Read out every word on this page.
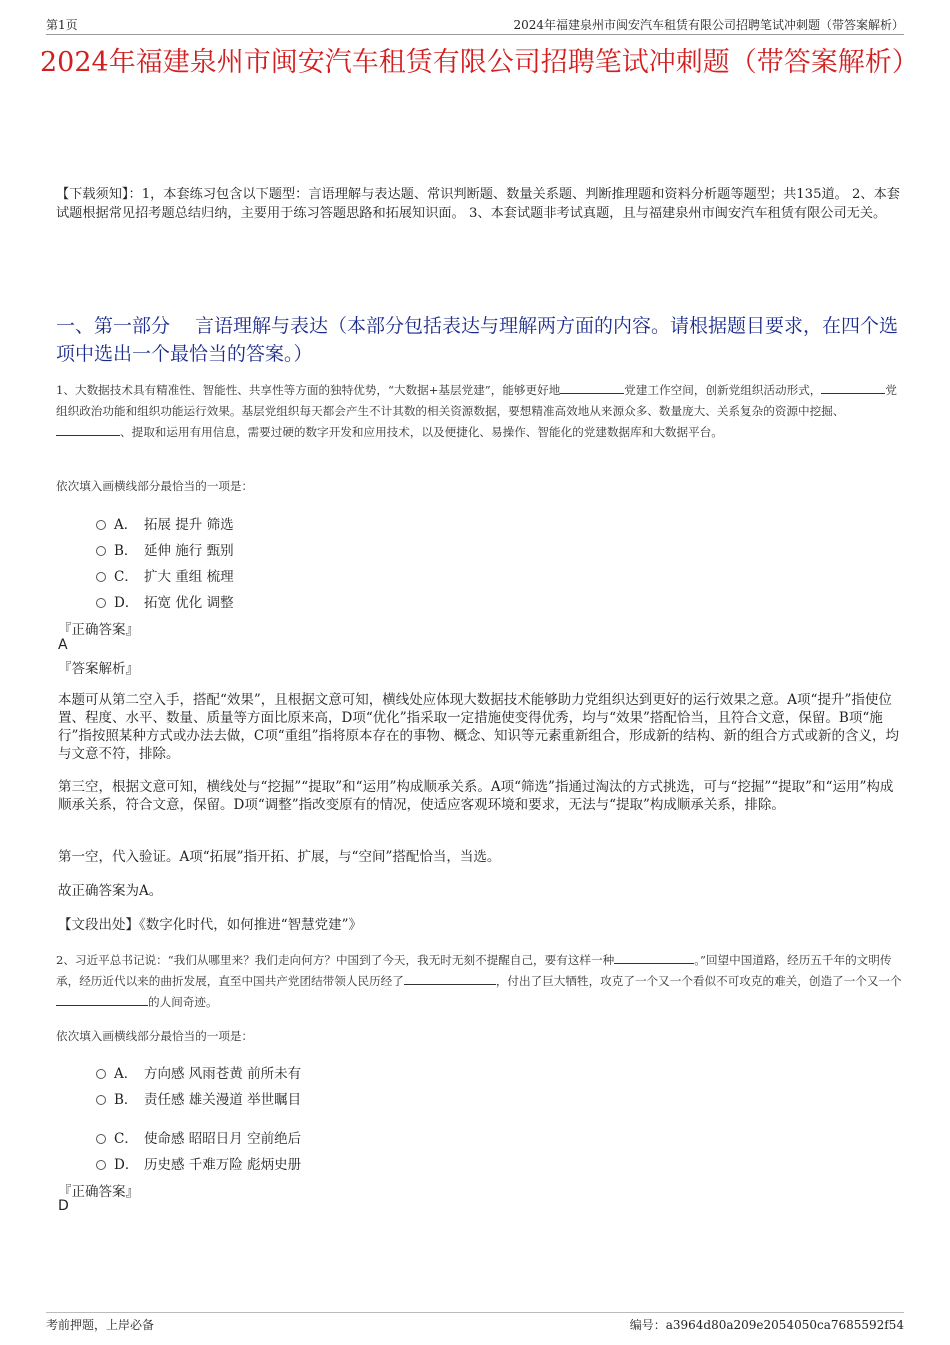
第1页	2024年福建泉州市闽安汽车租赁有限公司招聘笔试冲刺题（带答案解析）
2024年福建泉州市闽安汽车租赁有限公司招聘笔试冲刺题（带答案解析）
【下载须知】：1，本套练习包含以下题型：言语理解与表达题、常识判断题、数量关系题、判断推理题和资料分析题等题型；共135道。 2、本套试题根据常见招考题总结归纳，主要用于练习答题思路和拓展知识面。 3、本套试题非考试真题，且与福建泉州市闽安汽车租赁有限公司无关。
一、第一部分　 言语理解与表达（本部分包括表达与理解两方面的内容。请根据题目要求，在四个选项中选出一个最恰当的答案。）
1、大数据技术具有精准性、智能性、共享性等方面的独特优势，“大数据+基层党建”，能够更好地	党建工作空间，创新党组织活动形式，	党组织政治功能和组织功能运行效果。基层党组织每天都会产生不计其数的相关资源数据，要想精准高效地从来源众多、数量庞大、关系复杂的资源中挖掘、、提取和运用有用信息，需要过硬的数字开发和应用技术，以及便捷化、易操作、智能化的党建数据库和大数据平台。
依次填入画横线部分最恰当的一项是：
A． 拓展 提升 筛选
B． 延伸 施行 甄别
C． 扩大 重组 梳理
D． 拓宽 优化 调整
『正确答案』
A
『答案解析』
本题可从第二空入手，搭配“效果”，且根据文意可知，横线处应体现大数据技术能够助力党组织达到更好的运行效果之意。A项“提升”指使位置、程度、水平、数量、质量等方面比原来高，D项“优化”指采取一定措施使变得优秀，均与“效果”搭配恰当，且符合文意，保留。B项“施行”指按照某种方式或办法去做，C项“重组”指将原本存在的事物、概念、知识等元素重新组合，形成新的结构、新的组合方式或新的含义，均与文意不符，排除。
第三空，根据文意可知，横线处与“挖掘”“提取”和“运用”构成顺承关系。A项“筛选”指通过淘汰的方式挑选，可与“挖掘”“提取”和“运用”构成顺承关系，符合文意，保留。D项“调整”指改变原有的情况，使适应客观环境和要求，无法与“提取”构成顺承关系，排除。
第一空，代入验证。A项“拓展”指开拓、扩展，与“空间”搭配恰当，当选。
故正确答案为A。
【文段出处】《数字化时代，如何推进“智慧党建”》
2、习近平总书记说：“我们从哪里来？我们走向何方？中国到了今天，我无时无刻不提醒自己，要有这样一种	。”回望中国道路，经历五千年的文明传承，经历近代以来的曲折发展，直至中国共产党团结带领人民历经了	，付出了巨大牺牲，攻克了一个又一个看似不可攻克的难关，创造了一个又一个的人间奇迹。
依次填入画横线部分最恰当的一项是：
A． 方向感 风雨苍黄 前所未有
B． 责任感 雄关漫道 举世瞩目
C． 使命感 昭昭日月 空前绝后
D． 历史感 千难万险 彪炳史册
『正确答案』
D
考前押题，上岸必备	编号：a3964d80a209e2054050ca7685592f54
